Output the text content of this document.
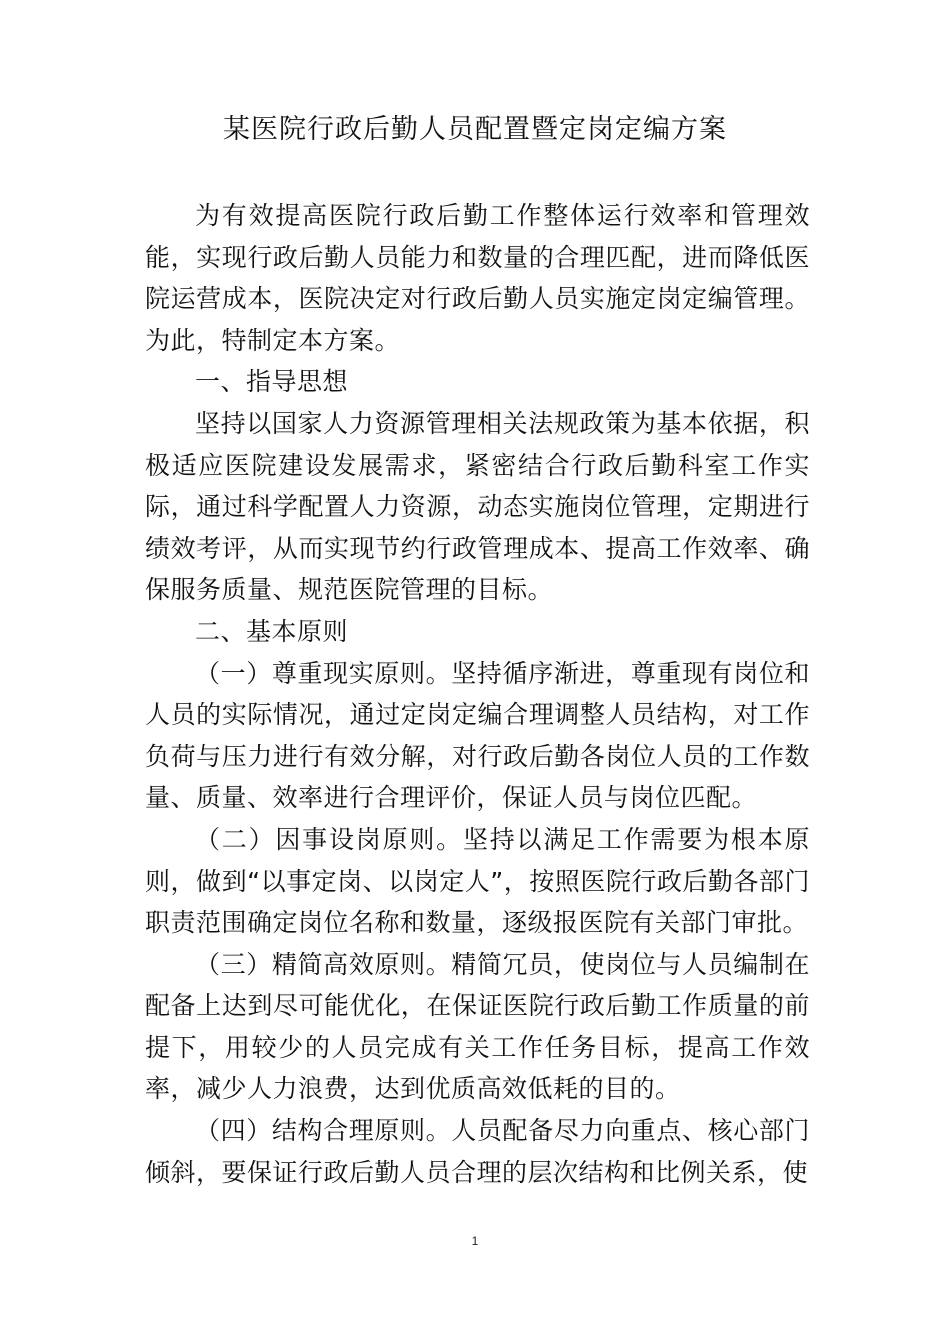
某医院行政后勤人员配置暨定岗定编方案

为有效提高医院行政后勤工作整体运行效率和管理效能，实现行政后勤人员能力和数量的合理匹配，进而降低医院运营成本，医院决定对行政后勤人员实施定岗定编管理。为此，特制定本方案。

一、指导思想

坚持以国家人力资源管理相关法规政策为基本依据，积极适应医院建设发展需求，紧密结合行政后勤科室工作实际，通过科学配置人力资源，动态实施岗位管理，定期进行绩效考评，从而实现节约行政管理成本、提高工作效率、确保服务质量、规范医院管理的目标。

二、基本原则

（一）尊重现实原则。坚持循序渐进，尊重现有岗位和人员的实际情况，通过定岗定编合理调整人员结构，对工作负荷与压力进行有效分解，对行政后勤各岗位人员的工作数量、质量、效率进行合理评价，保证人员与岗位匹配。

（二）因事设岗原则。坚持以满足工作需要为根本原则，做到“以事定岗、以岗定人”，按照医院行政后勤各部门职责范围确定岗位名称和数量，逐级报医院有关部门审批。

（三）精简高效原则。精简冗员，使岗位与人员编制在配备上达到尽可能优化，在保证医院行政后勤工作质量的前提下，用较少的人员完成有关工作任务目标，提高工作效率，减少人力浪费，达到优质高效低耗的目的。

（四）结构合理原则。人员配备尽力向重点、核心部门倾斜，要保证行政后勤人员合理的层次结构和比例关系，使

1
